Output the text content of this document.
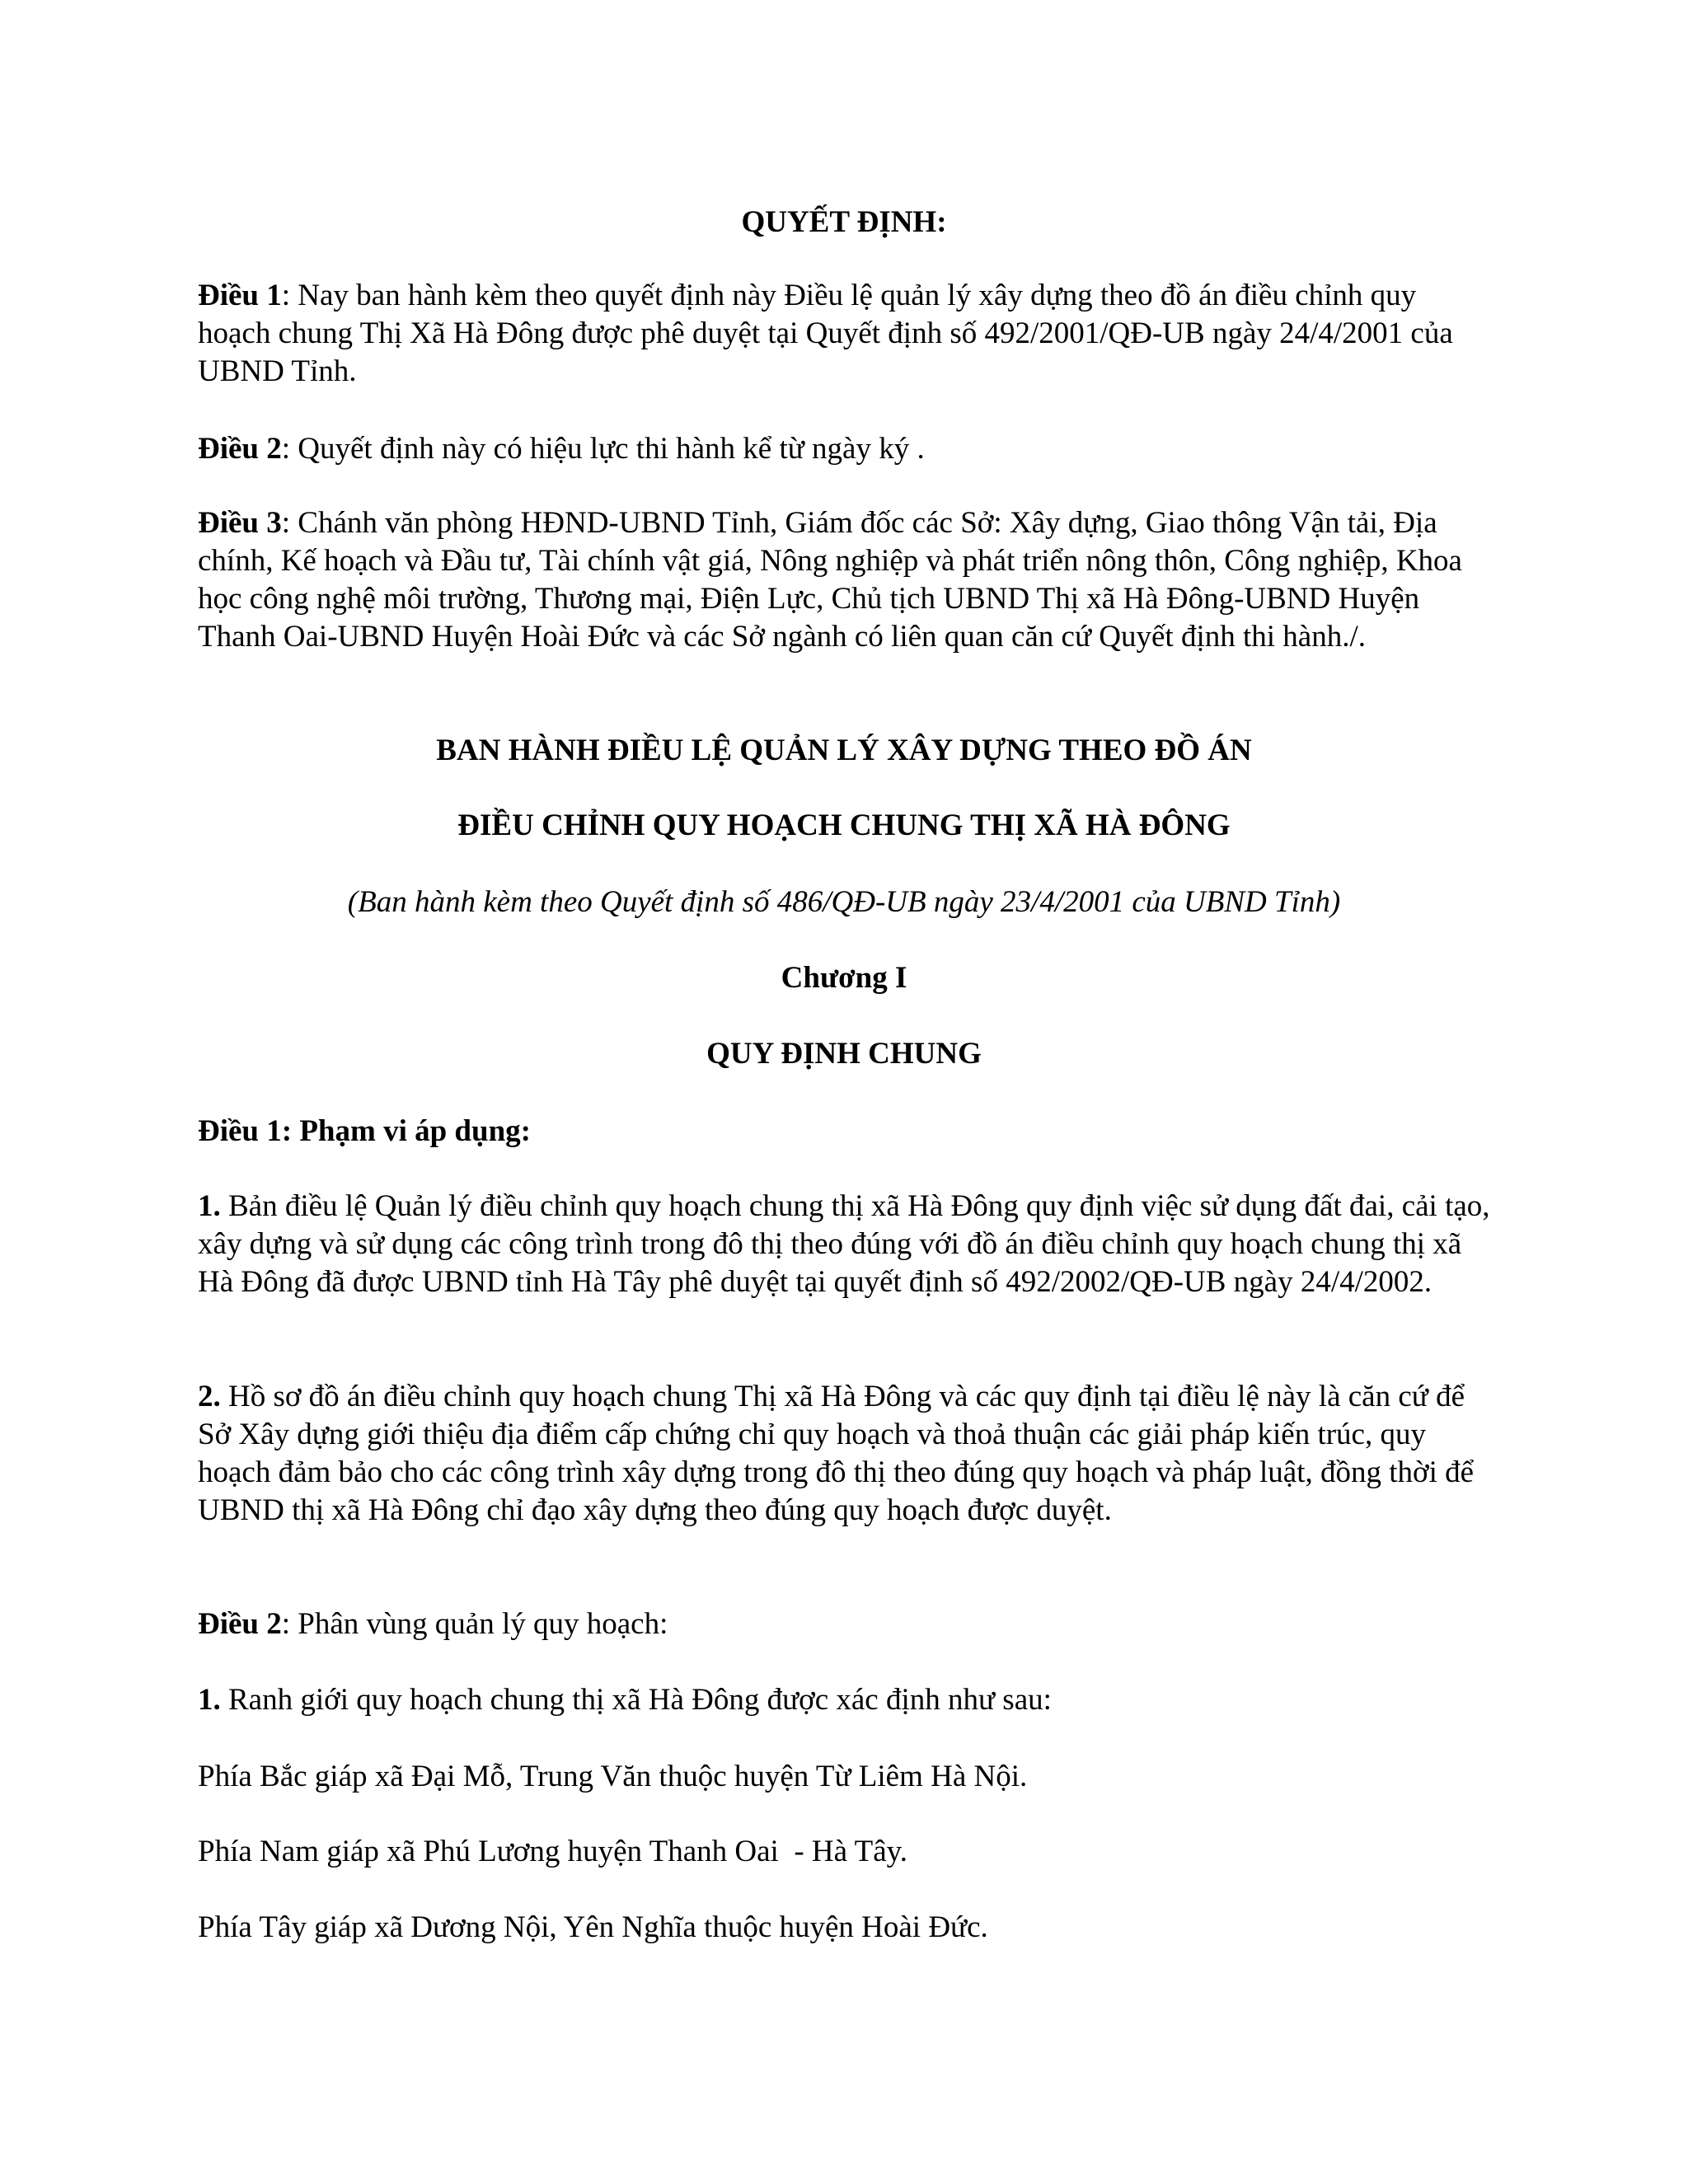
QUYẾT ĐỊNH:
Điều 1: Nay ban hành kèm theo quyết định này Điều lệ quản lý xây dựng theo đồ án điều chỉnh quy hoạch chung Thị Xã Hà Đông được phê duyệt tại Quyết định số 492/2001/QĐ-UB ngày 24/4/2001 của UBND Tỉnh.
Điều 2: Quyết định này có hiệu lực thi hành kể từ ngày ký .
Điều 3: Chánh văn phòng HĐND-UBND Tỉnh, Giám đốc các Sở: Xây dựng, Giao thông Vận tải, Địa chính, Kế hoạch và Đầu tư, Tài chính vật giá, Nông nghiệp và phát triển nông thôn, Công nghiệp, Khoa học công nghệ môi trường, Thương mại, Điện Lực, Chủ tịch UBND Thị xã Hà Đông-UBND Huyện Thanh Oai-UBND Huyện Hoài Đức và các Sở ngành có liên quan căn cứ Quyết định thi hành./.
BAN HÀNH ĐIỀU LỆ QUẢN LÝ XÂY DỰNG THEO ĐỒ ÁN
ĐIỀU CHỈNH QUY HOẠCH CHUNG THỊ XÃ HÀ ĐÔNG
(Ban hành kèm theo Quyết định số 486/QĐ-UB ngày 23/4/2001 của UBND Tỉnh)
Chương I
QUY ĐỊNH CHUNG
Điều 1: Phạm vi áp dụng:
1. Bản điều lệ Quản lý điều chỉnh quy hoạch chung thị xã Hà Đông quy định việc sử dụng đất đai, cải tạo, xây dựng và sử dụng các công trình trong đô thị theo đúng với đồ án điều chỉnh quy hoạch chung thị xã Hà Đông đã được UBND tỉnh Hà Tây phê duyệt tại quyết định số 492/2002/QĐ-UB ngày 24/4/2002.
2. Hồ sơ đồ án điều chỉnh quy hoạch chung Thị xã Hà Đông và các quy định tại điều lệ này là căn cứ để Sở Xây dựng giới thiệu địa điểm cấp chứng chỉ quy hoạch và thoả thuận các giải pháp kiến trúc, quy hoạch đảm bảo cho các công trình xây dựng trong đô thị theo đúng quy hoạch và pháp luật, đồng thời để UBND thị xã Hà Đông chỉ đạo xây dựng theo đúng quy hoạch được duyệt.
Điều 2: Phân vùng quản lý quy hoạch:
1. Ranh giới quy hoạch chung thị xã Hà Đông được xác định như sau:
Phía Bắc giáp xã Đại Mỗ, Trung Văn thuộc huyện Từ Liêm Hà Nội.
Phía Nam giáp xã Phú Lương huyện Thanh Oai  - Hà Tây.
Phía Tây giáp xã Dương Nội, Yên Nghĩa thuộc huyện Hoài Đức.
